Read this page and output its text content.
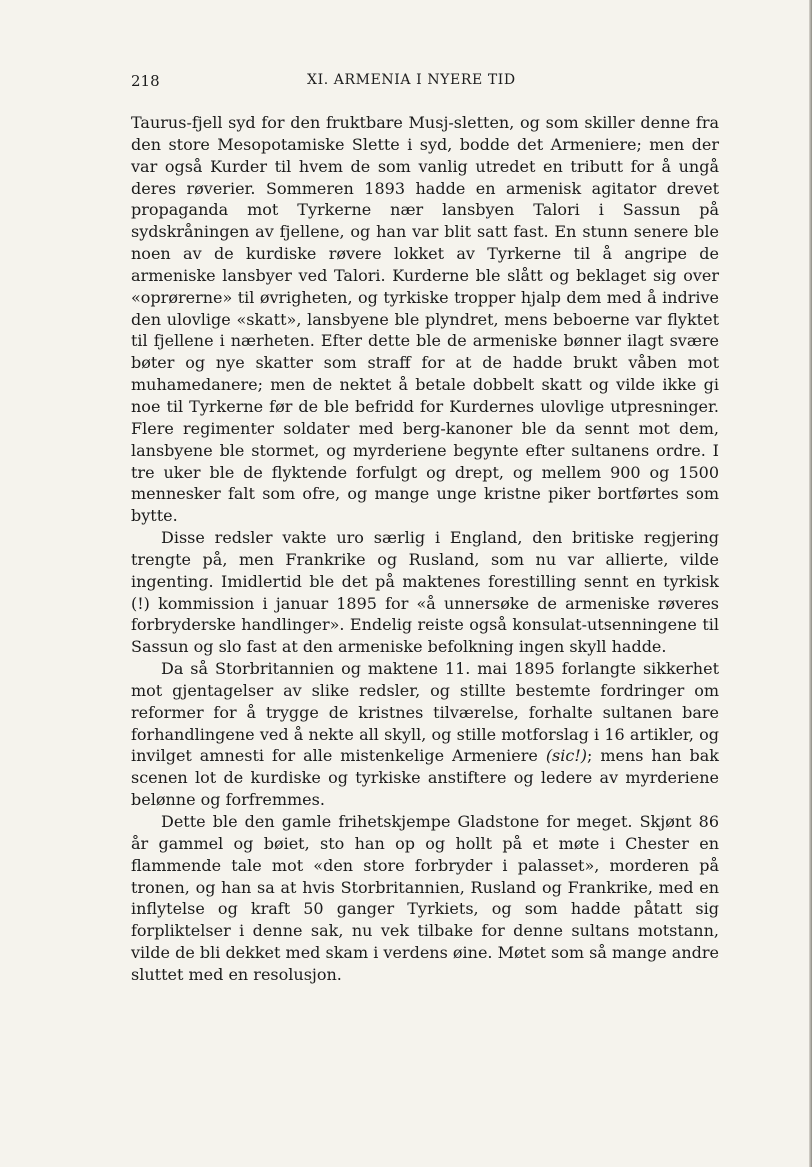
218	XI. ARMENIA I NYERE TID

Taurus-fjell syd for den fruktbare Musj-sletten, og som skiller denne fra den store Mesopotamiske Slette i syd, bodde det Armeniere; men der var også Kurder til hvem de som vanlig utredet en tributt for å ungå deres røverier. Sommeren 1893 hadde en armenisk agitator drevet propaganda mot Tyrkerne nær lansbyen Talori i Sassun på sydskråningen av fjellene, og han var blit satt fast. En stunn senere ble noen av de kurdiske røvere lokket av Tyrkerne til å angripe de armeniske lansbyer ved Talori. Kurderne ble slått og beklaget sig over «oprørerne» til øvrigheten, og tyrkiske tropper hjalp dem med å indrive den ulovlige «skatt», lansbyene ble plyndret, mens beboerne var flyktet til fjellene i nærheten. Efter dette ble de armeniske bønner ilagt svære bøter og nye skatter som straff for at de hadde brukt våben mot muhamedanere; men de nektet å betale dobbelt skatt og vilde ikke gi noe til Tyrkerne før de ble befridd for Kurdernes ulovlige utpresninger. Flere regimenter soldater med berg-kanoner ble da sennt mot dem, lansbyene ble stormet, og myrderiene begynte efter sultanens ordre. I tre uker ble de flyktende forfulgt og drept, og mellem 900 og 1500 mennesker falt som ofre, og mange unge kristne piker bortførtes som bytte.

Disse redsler vakte uro særlig i England, den britiske regjering trengte på, men Frankrike og Rusland, som nu var allierte, vilde ingenting. Imidlertid ble det på maktenes forestilling sennt en tyrkisk (!) kommission i januar 1895 for «å unnersøke de armeniske røveres forbryderske handlinger». Endelig reiste også konsulat-utsenningene til Sassun og slo fast at den armeniske befolkning ingen skyll hadde.

Da så Storbritannien og maktene 11. mai 1895 forlangte sikkerhet mot gjentagelser av slike redsler, og stillte bestemte fordringer om reformer for å trygge de kristnes tilværelse, forhalte sultanen bare forhandlingene ved å nekte all skyll, og stille motforslag i 16 artikler, og invilget amnesti for alle mistenkelige Armeniere (sic!); mens han bak scenen lot de kurdiske og tyrkiske anstiftere og ledere av myrderiene belønne og forfremmes.

Dette ble den gamle frihetskjempe Gladstone for meget. Skjønt 86 år gammel og bøiet, sto han op og hollt på et møte i Chester en flammende tale mot «den store forbryder i palasset», morderen på tronen, og han sa at hvis Storbritannien, Rusland og Frankrike, med en inflytelse og kraft 50 ganger Tyrkiets, og som hadde påtatt sig forpliktelser i denne sak, nu vek tilbake for denne sultans motstann, vilde de bli dekket med skam i verdens øine. Møtet som så mange andre sluttet med en resolusjon.
